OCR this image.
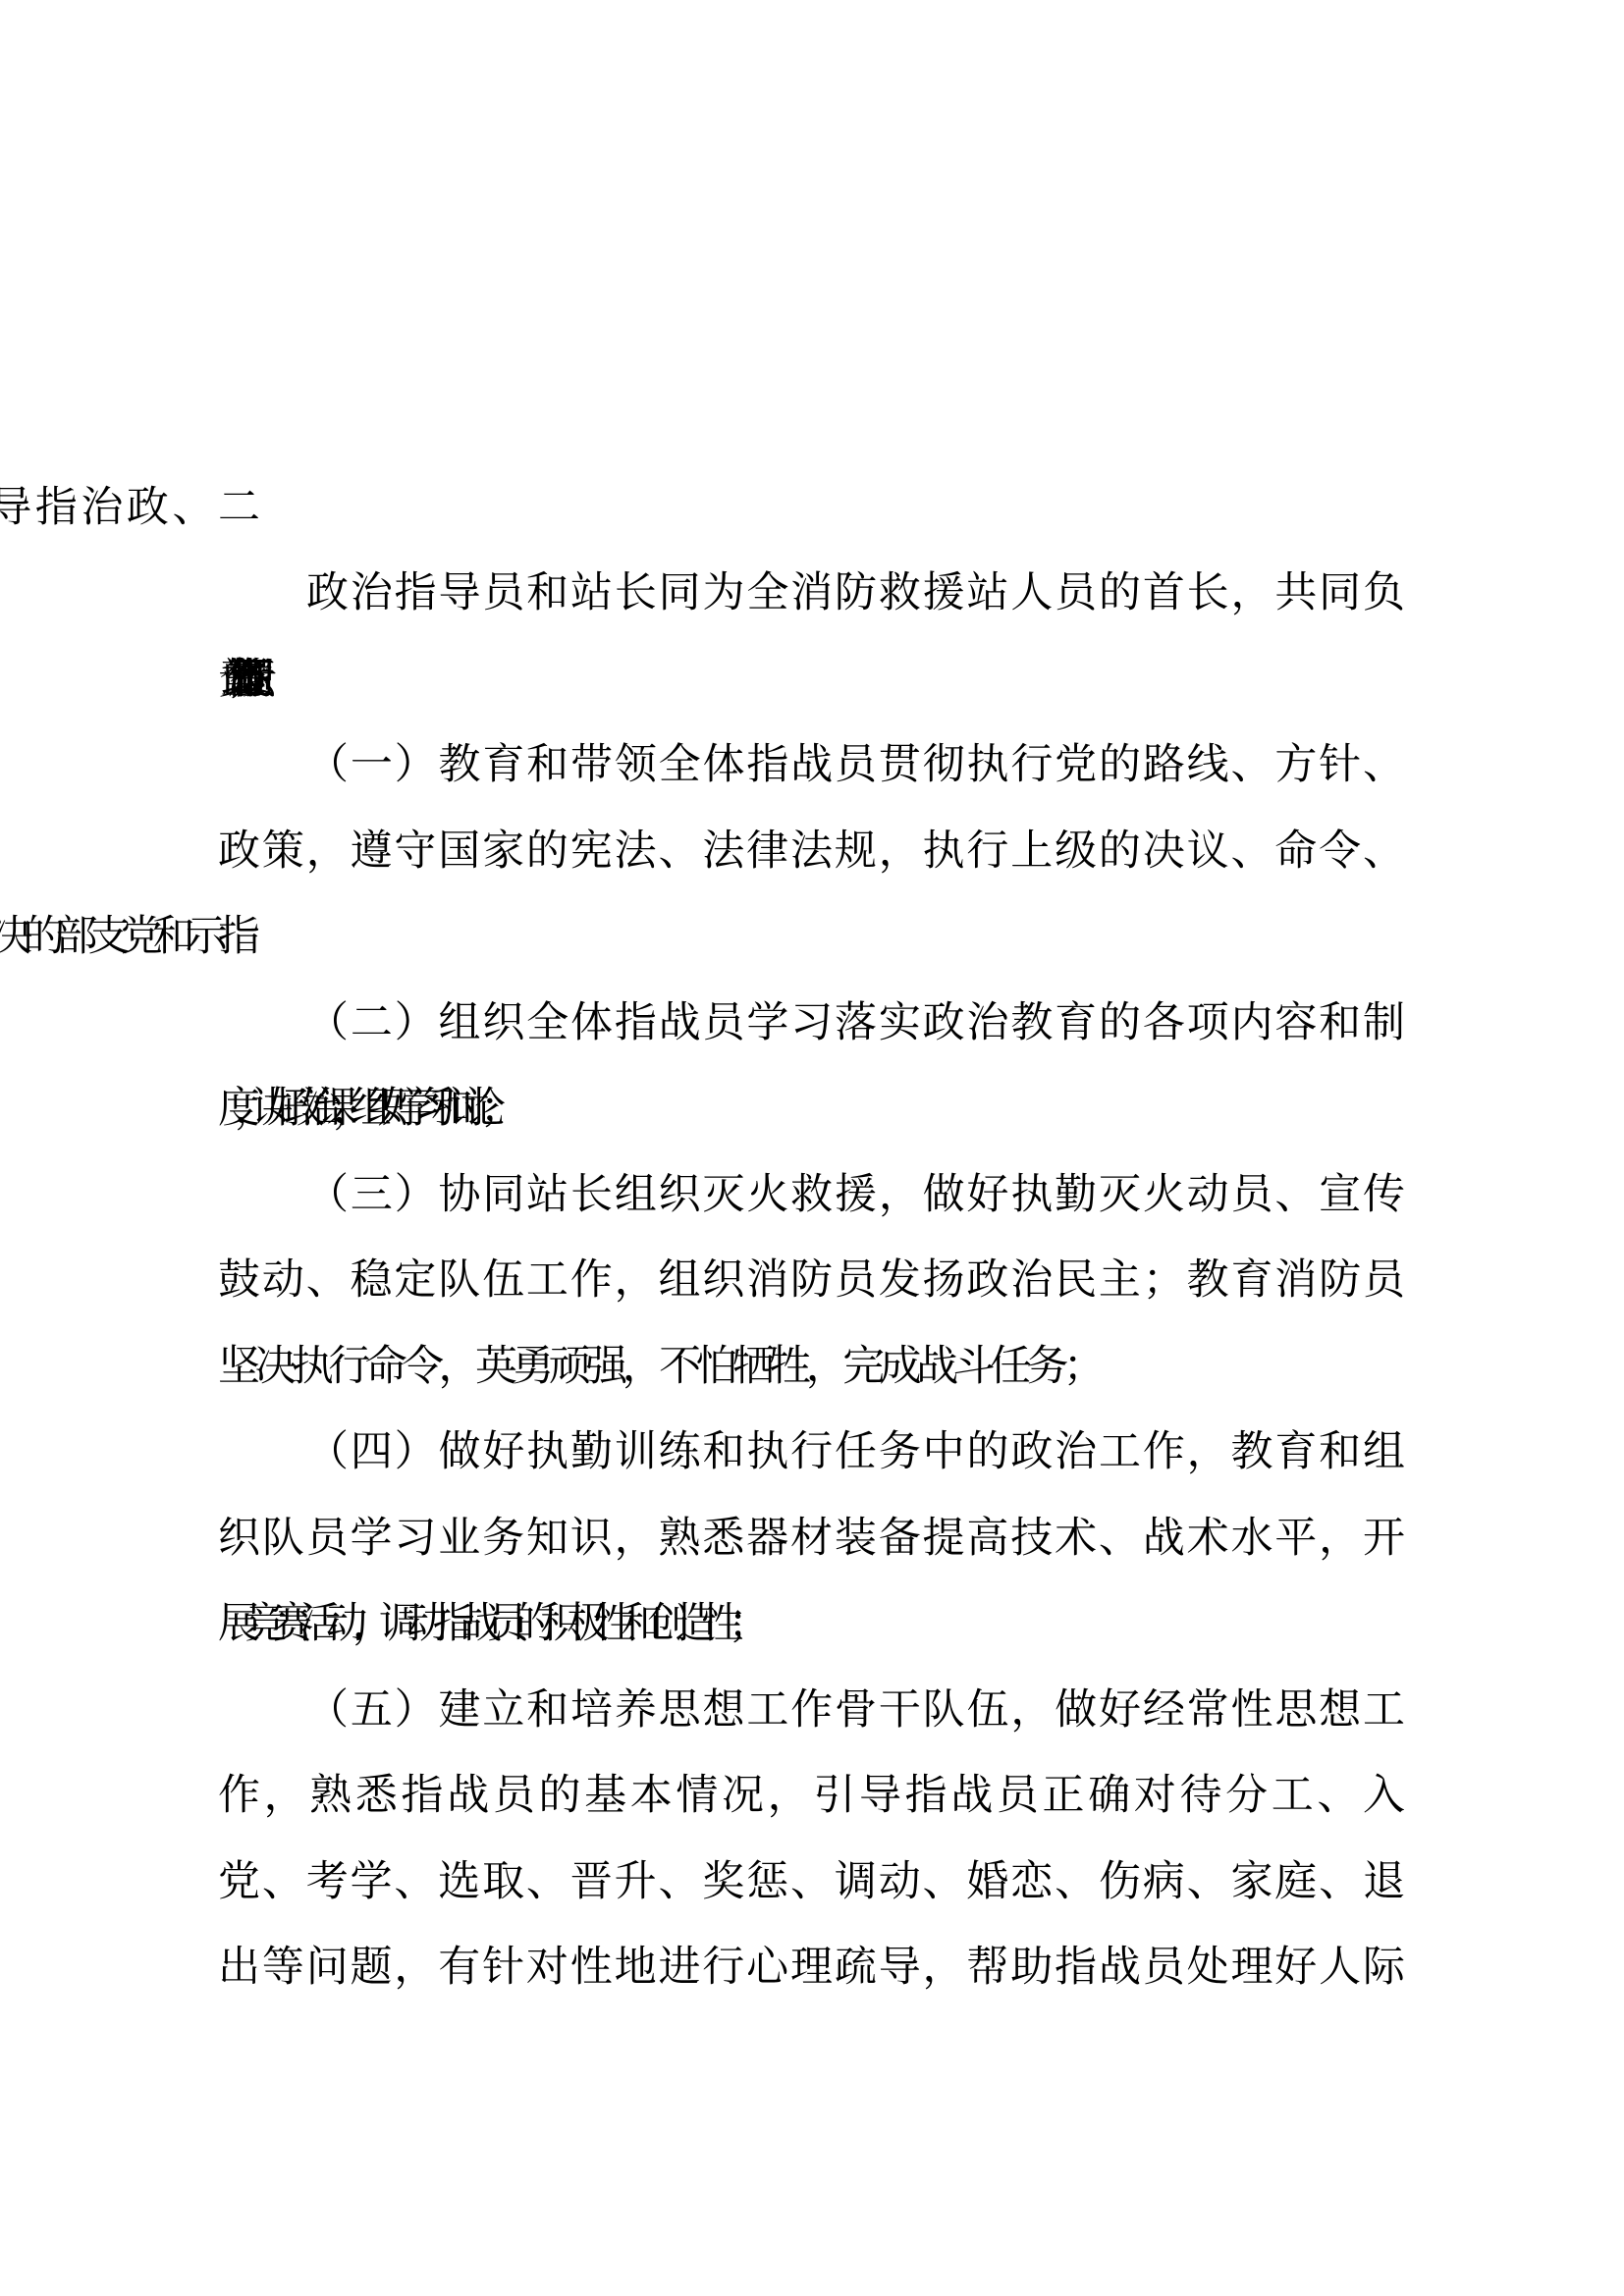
政治指导员和站长同为全消防救援站人员的首长，共同负
责全站的工作；履行下列职责：
（一）教育和带领全体指战员贯彻执行党的路线、方针、
政策，遵守国家的宪法、法律法规，执行上级的决议、命令、
（二）组织全体指战员学习落实政治教育的各项内容和制
度，讲好政治课，组织好学习和讨论；
（三）协同站长组织灭火救援，做好执勤灭火动员、宣传
鼓动、稳定队伍工作，组织消防员发扬政治民主；教育消防员
坚决执行命令，英勇顽强，不怕牺牲，完成战斗任务；
（四）做好执勤训练和执行任务中的政治工作，教育和组
织队员学习业务知识，熟悉器材装备提高技术、战术水平，开
展竞赛活动，调动指战员的积极性和创造性；
（五）建立和培养思想工作骨干队伍，做好经常性思想工
作，熟悉指战员的基本情况，引导指战员正确对待分工、入
党、考学、选取、晋升、奖惩、调动、婚恋、伤病、家庭、退
出等问题，有针对性地进行心理疏导，帮助指战员处理好人际
